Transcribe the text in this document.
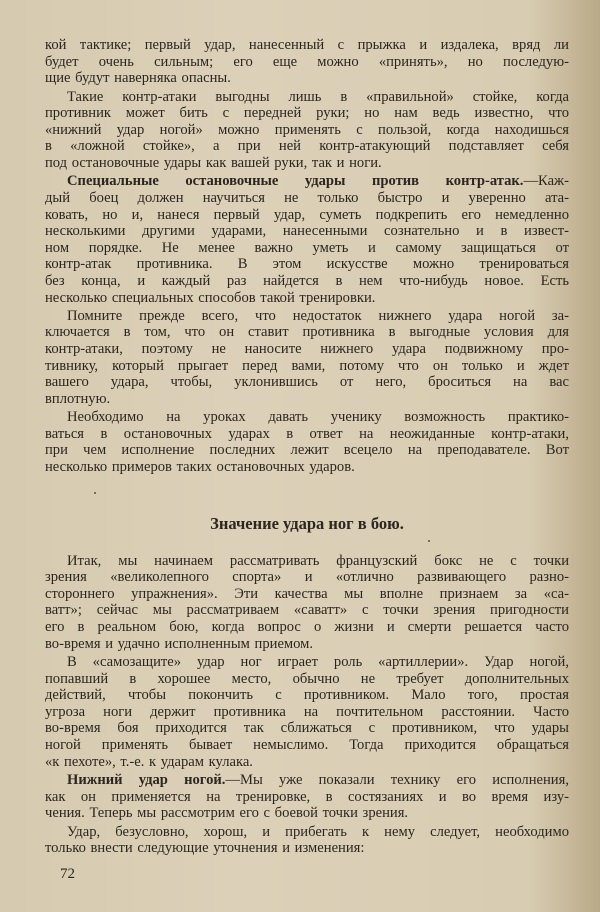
кой тактике; первый удар, нанесенный с прыжка и издалека, вряд ли
будет очень сильным; его еще можно «принять», но последую-
щие будут наверняка опасны.
Такие контр-атаки выгодны лишь в «правильной» стойке, когда
противник может бить с передней руки; но нам ведь известно, что
«нижний удар ногой» можно применять с пользой, когда находишься
в «ложной стойке», а при ней контр-атакующий подставляет себя
под остановочные удары как вашей руки, так и ноги.
Специальные остановочные удары против контр-атак.—Каж-
дый боец должен научиться не только быстро и уверенно ата-
ковать, но и, нанеся первый удар, суметь подкрепить его немедленно
несколькими другими ударами, нанесенными сознательно и в извест-
ном порядке. Не менее важно уметь и самому защищаться от
контр-атак противника. В этом искусстве можно тренироваться
без конца, и каждый раз найдется в нем что-нибудь новое. Есть
несколько специальных способов такой тренировки.
Помните прежде всего, что недостаток нижнего удара ногой за-
ключается в том, что он ставит противника в выгодные условия для
контр-атаки, поэтому не наносите нижнего удара подвижному про-
тивнику, который прыгает перед вами, потому что он только и ждет
вашего удара, чтобы, уклонившись от него, броситься на вас
вплотную.
Необходимо на уроках давать ученику возможность практико-
ваться в остановочных ударах в ответ на неожиданные контр-атаки,
при чем исполнение последних лежит всецело на преподавателе. Вот
несколько примеров таких остановочных ударов.
Значение удара ног в бою.
Итак, мы начинаем рассматривать французский бокс не с точки
зрения «великолепного спорта» и «отлично развивающего разно-
стороннего упражнения». Эти качества мы вполне признаем за «са-
ватт»; сейчас мы рассматриваем «саватт» с точки зрения пригодности
его в реальном бою, когда вопрос о жизни и смерти решается часто
во-время и удачно исполненным приемом.
В «самозащите» удар ног играет роль «артиллерии». Удар ногой,
попавший в хорошее место, обычно не требует дополнительных
действий, чтобы покончить с противником. Мало того, простая
угроза ноги держит противника на почтительном расстоянии. Часто
во-время боя приходится так сближаться с противником, что удары
ногой применять бывает немыслимо. Тогда приходится обращаться
«к пехоте», т.-е. к ударам кулака.
Нижний удар ногой.—Мы уже показали технику его исполнения,
как он применяется на тренировке, в состязаниях и во время изу-
чения. Теперь мы рассмотрим его с боевой точки зрения.
Удар, безусловно, хорош, и прибегать к нему следует, необходимо
только внести следующие уточнения и изменения:
72
